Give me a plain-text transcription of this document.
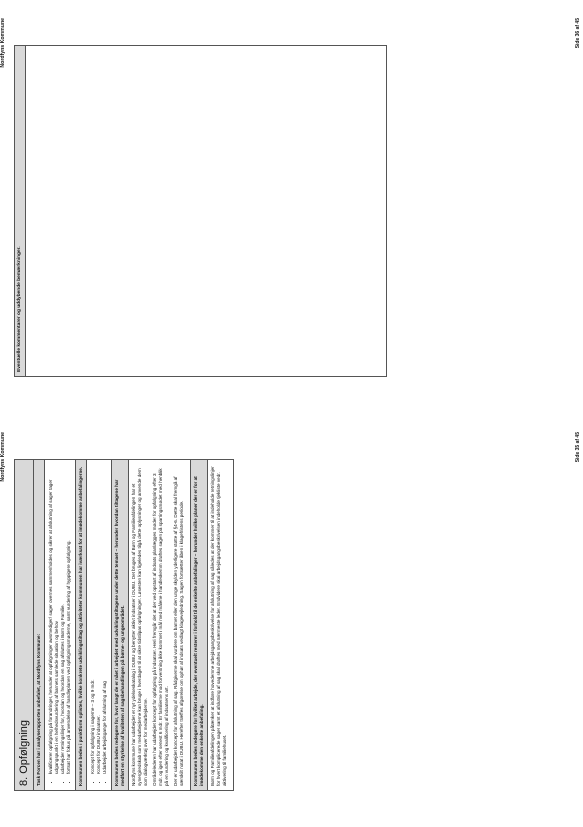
Nordfyns Kommune
Eventuelle kommentarer og uddybende bemærkninger.
Side 36 af 45
Nordfyns Kommune
8. Opfølgning	Task Forcen har i analyserapporten anbefalet, at Nordfyns Kommune:	• kvalificerer opfølgning på forandringer, herunder at opfølgninger awsmediger/ sager overnes sammenholdes og sikrer at afslutning af sager tager udgangspunkt i en helhedsvurdering af barnets samlede situation og behov • udarbejder retningslinjer for, hvordan og hvordan en sag afsluttes i Børn og Familie. • fortsat har fokus på anvendelse af handleplanen ved opfølgningsmøderne, samt vurdering af hyppigere opfølgning.	Kommunen bedes i punktform oplistes, hvilke konkrete udviklingstiltag og aktiviteter kommunen har iværksat for at imødekomme anbefalingerne.	• Koncept for opfølgning i sagerne – 3 og 9 mdr. • Koncept for DUBU indsatser. • Udarbejdet arbejdsgange for afslutning af sag	Kommunen bedes redegøre for, hvor langt de er nået i arbejdet med udviklingstiltagene under dette temaet – herunder hvordan tiltagene har medført en styrkelse af kvaliteten af sagsbehandlingen på børne- og ungeområdet.	Nordfyns kommune har udarbejdet et nyt ydelseskatalog i DUBU og benytter aktivt indsatser i DUBU. Det bruges af Børn og Familieafdelingen har et synergiredskab som medarbejderne kan bruge i hverdagen til at sikre tidstilpas opfølgninger. Løsesten kan ligeledes tilgå dette oplysninger og anvende dem som dialogværktøj over for medarbejderne. Områdelederen har udarbejdet koncept for opfølgning på indsatser. Heri fremgår det at der ved opstart af indsats planlægges møder for opfølgning efter 3 mdr. og igen efter senest 6 mdr. Er familierne mod forventning ikke kommet i mål med målene i handleskemm drøftes sagen på sparringsmødet med henblik på en vurdering og kvalificering af indsatsens art. Der er udarbejdet koncept for afslutning af sag. Rådgiverne skal vurdere om barnet eller den unge skylden yderligere støtte af §4-6. Dette skal fremgå af særskilt notat i DUBU. Herefter træffes afgørelse om ophør af indsats vedlagt klagevejledning. Sagen fortsætter åben i klagefristens periode.	Kommunen bedes redegøre for hvilket arbejde, der eventuelt resterer i forhold til de enkelte anbefalinger – herunder hvilke planer der er for at imødekomme den enkelte anbefaling.	Børn og Familieafdelingen påtænker at indføre hovedemne arbejdsgangsbeskrivelse for afslutning af sag således at der kommer til at indeholde retningslinjer for hvert komplicerede sager samt et afslutning af sag skal drøftes med nærmeste leder. Endvidere skal arbejdsgangsbeskrivelsen indeholde tjekliste vedr. aktivering til familiehuset.

Side 35 af 45
